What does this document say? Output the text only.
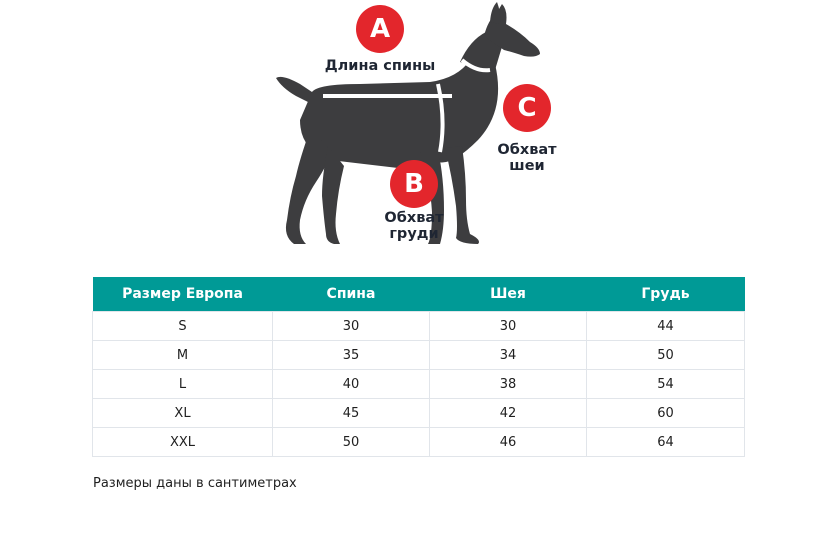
A
Длина спины
B
Обхват
груди
C
Обхват
шеи
Размер Европа	Спина	Шея	Грудь
S	30	30	44
M	35	34	50
L	40	38	54
XL	45	42	60
XXL	50	46	64
Размеры даны в сантиметрах
